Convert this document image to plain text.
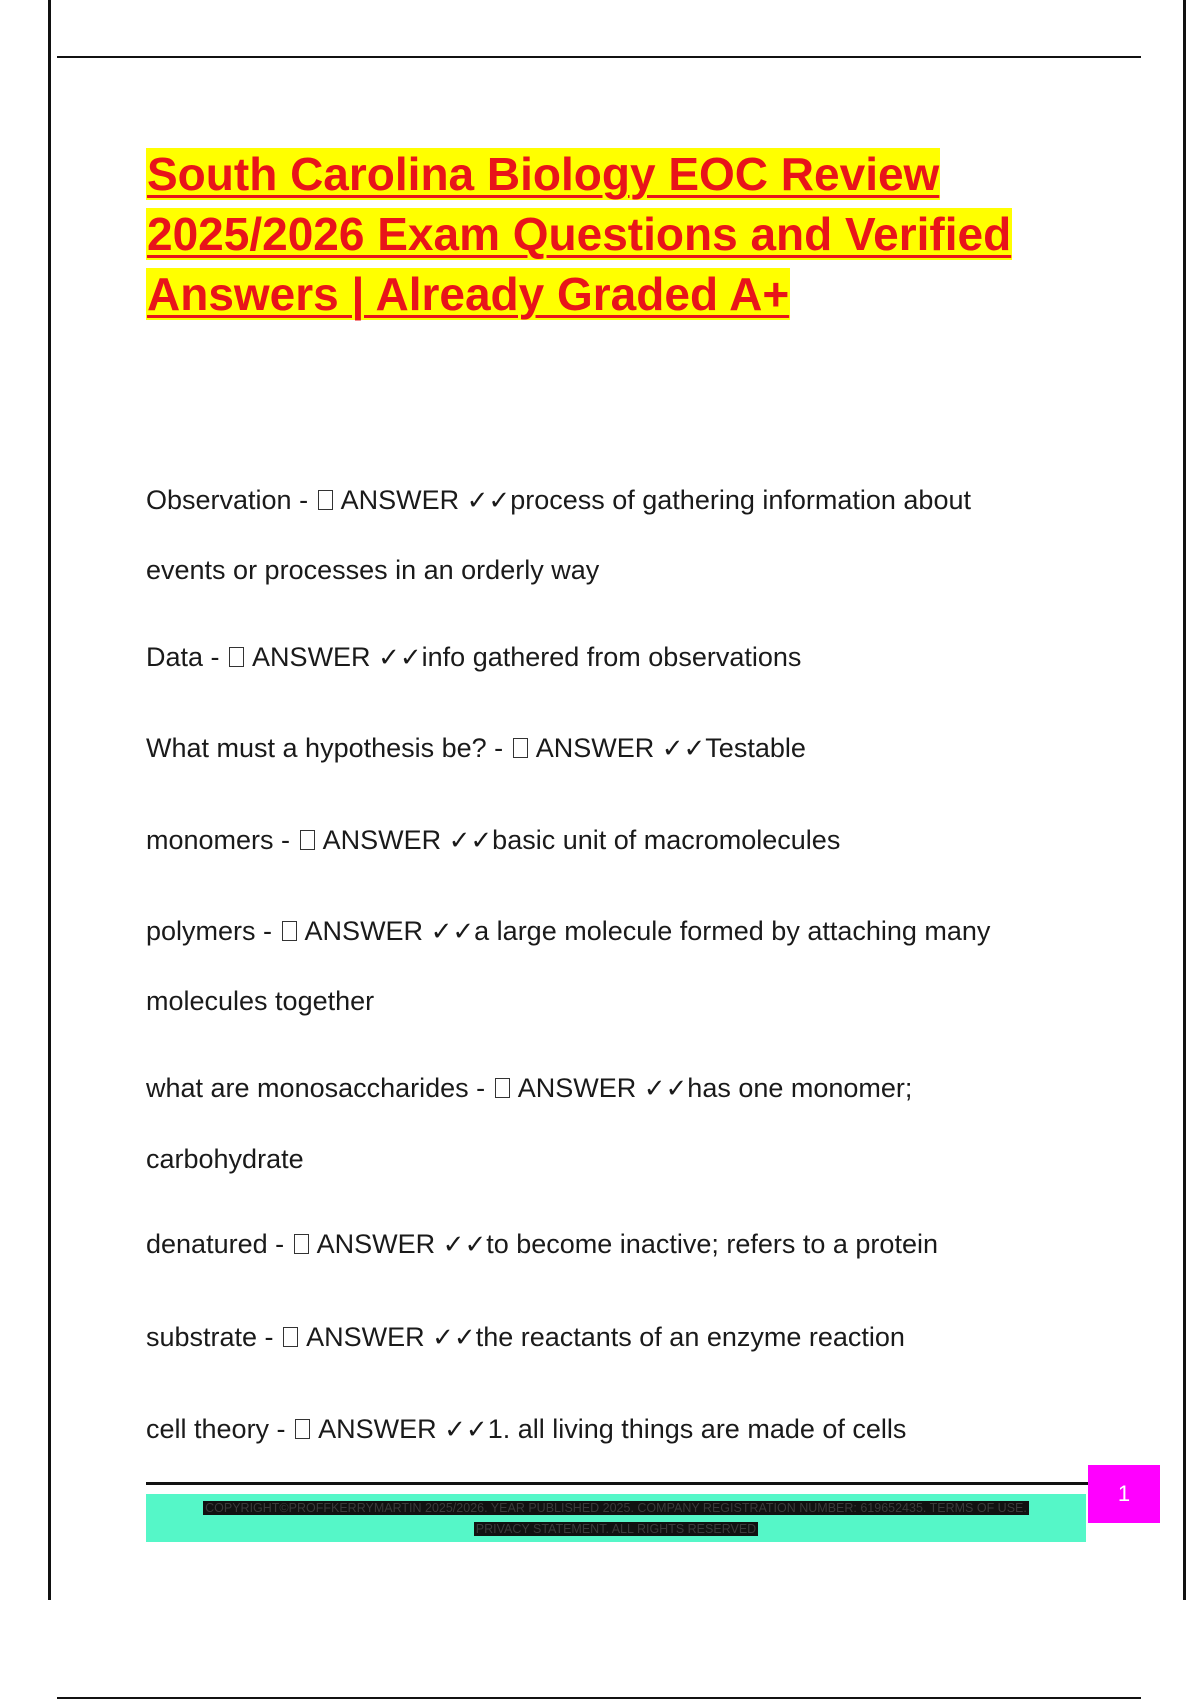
South Carolina Biology EOC Review 2025/2026 Exam Questions and Verified Answers | Already Graded A+

Observation -  ANSWER ✓✓process of gathering information about

events or processes in an orderly way

Data -  ANSWER ✓✓info gathered from observations

What must a hypothesis be? -  ANSWER ✓✓Testable

monomers -  ANSWER ✓✓basic unit of macromolecules

polymers -  ANSWER ✓✓a large molecule formed by attaching many

molecules together

what are monosaccharides -  ANSWER ✓✓has one monomer;

carbohydrate

denatured -  ANSWER ✓✓to become inactive; refers to a protein

substrate -  ANSWER ✓✓the reactants of an enzyme reaction

cell theory -  ANSWER ✓✓1. all living things are made of cells

COPYRIGHT©PROFFKERRYMARTIN 2025/2026. YEAR PUBLISHED 2025. COMPANY REGISTRATION NUMBER: 619652435. TERMS OF USE.
PRIVACY STATEMENT. ALL RIGHTS RESERVED
1
